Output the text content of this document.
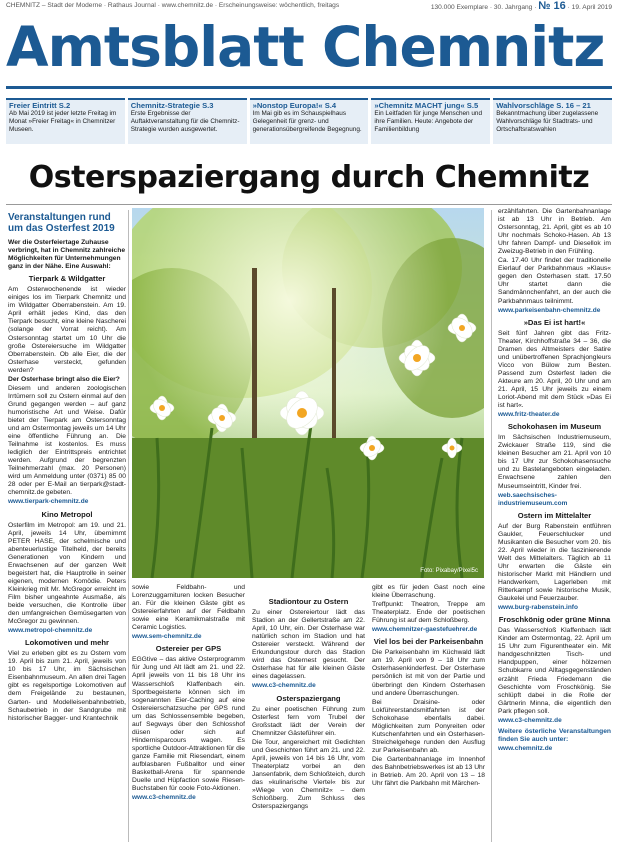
CHEMNITZ – Stadt der Moderne · Rathaus Journal · www.chemnitz.de · Erscheinungsweise: wöchentlich, freitags	130.000 Exemplare · 30. Jahrgang · № 16 · 19. April 2019
Amtsblatt Chemnitz
Freier Eintritt S.2
Ab Mai 2019 ist jeder letzte Freitag im Monat »Freier Freitag« in Chemnitzer Museen.
Chemnitz-Strategie S.3
Erste Ergebnisse der Auftaktveranstaltung für die Chemnitz-Strategie wurden ausgewertet.
»Nonstop Europa!« S.4
Im Mai gib es im Schauspielhaus Gelegenheit für grenz- und generationsübergreifende Begegnung.
»Chemnitz MACHT jung« S.5
Ein Leitfaden für junge Menschen und ihre Familien. Heute: Angebote der Familienbildung
Wahlvorschläge S. 16 – 21
Bekanntmachung über zugelassene Wahlvorschläge für Stadtrats- und Ortschaftsratswahlen
Osterspaziergang durch Chemnitz
Veranstaltungen rund um das Osterfest 2019

Wer die Osterfeiertage Zuhause verbringt, hat in Chemnitz zahlreiche Möglichkeiten für Unternehmungen ganz in der Nähe. Eine Auswahl:

Tierpark & Wildgatter

Am Osterwochenende ist wieder einiges los im Tierpark Chemnitz und im Wildgatter Oberrabenstein. Am 19. April erhält jedes Kind, das den Tierpark besucht, eine kleine Nascherei (solange der Vorrat reicht). Am Ostersonntag startet um 10 Uhr die große Ostereiersuche im Wildgatter Oberrabenstein. Ob alle Eier, die der Osterhase versteckt, gefunden werden?

Der Osterhase bringt also die Eier?

Diesem und anderen zoologischen Irrtümern soll zu Ostern einmal auf den Grund gegangen werden – auf ganz humoristische Art und Weise. Dafür bietet der Tierpark am Ostersonntag und am Ostermontag jeweils um 14 Uhr eine öffentliche Führung an. Die Teilnahme ist kostenlos. Es muss lediglich der Eintrittspreis entrichtet werden. Aufgrund der begrenzten Teilnehmerzahl (max. 20 Personen) wird um Anmeldung unter (0371) 85 00 28 oder per E-Mail an tierpark@stadt-chemnitz.de gebeten.

www.tierpark-chemnitz.de
Kino Metropol

Osterfilm im Metropol: am 19. und 21. April, jeweils 14 Uhr, übernimmt PETER HASE, der schelmische und abenteuerlustige Titelheld, der bereits Generationen von Kindern und Erwachsenen auf der ganzen Welt begeistert hat, die Hauptrolle in seiner eigenen, modernen Komödie. Peters Kleinkrieg mit Mr. McGregor erreicht im Film bisher ungeahnte Ausmaße, als beide versuchen, die Kontrolle über den umfangreichen Gemüsegarten von McGregor zu gewinnen.

www.metropol-chemnitz.de
Lokomotiven und mehr

Viel zu erleben gibt es zu Ostern vom 19. April bis zum 21. April, jeweils von 10 bis 17 Uhr, im Sächsischen Eisenbahnmuseum. An allen drei Tagen gibt es regelsportige Lokomotiven auf dem Freigelände zu bestaunen, Garten- und Modelleisenbahnbetrieb, Schaubetrieb in der Sandgrube mit historischer Bagger- und Krantechnik

Foto: Pixabay/Pixel5c

erzählfahrten. Die Gartenbahnanlage ist ab 13 Uhr in Betrieb. Am Ostersonntag, 21. April, gibt es ab 10 Uhr nochmals Schoko-Hasen. Ab 13 Uhr fahren Dampf- und Diesellok im Zweizug-Betrieb in den Frühling.

Ca. 17.40 Uhr findet der traditionelle Eierlauf der Parkbahnmaus »Klaus« gegen den Osterhasen statt. 17.50 Uhr startet dann die Sandmännchenfahrt, an der auch die Parkbahnmaus teilnimmt.

www.parkeisenbahn-chemnitz.de
»Das Ei ist hart!«

Seit fünf Jahren gibt das Fritz-Theater, Kirchhoffstraße 34 – 36, die Dramen des Altmeisters der Satire und unübertroffenen Sprachjongleurs Vicco von Bülow zum Besten. Passend zum Osterfest laden die Akteure am 20. April, 20 Uhr und am 21. April, 15 Uhr jeweils zu einem Loriot-Abend mit dem Stück »Das Ei ist hart«.

www.fritz-theater.de
Schokohasen im Museum

Im Sächsischen Industriemuseum, Zwickauer Straße 119, sind die kleinen Besucher am 21. April von 10 bis 17 Uhr zur Schokohasensuche und zu Bastelangeboten eingeladen. Erwachsene zahlen den Museumseintritt, Kinder frei.

web.saechsisches-industriemuseum.com
Ostern im Mittelalter

Auf der Burg Rabenstein entführen Gaukler, Feuerschlucker und Musikanten die Besucher vom 20. bis 22. April wieder in die faszinierende Welt des Mittelalters. Täglich ab 11 Uhr erwarten die Gäste ein historischer Markt mit Händlern und Handwerkern, Lagerleben mit Ritterkampf sowie historische Musik, Gaukelei und Feuerzauber.

www.burg-rabenstein.info
Froschkönig oder grüne Minna

Das Wasserschloß Klaffenbach lädt Kinder am Ostermontag, 22. April um 15 Uhr zum Figurentheater ein. Mit handgeschnitzten Tisch- und Handpuppen, einer hölzernen Schubkarre und Alltagsgegenständen erzählt Frieda Friedemann die Geschichte vom Froschkönig. Sie schlüpft dabei in die Rolle der Gärtnerin Minna, die eigentlich den Park pflegen soll.

www.c3-chemnitz.de

Weitere österliche Veranstaltungen finden Sie auch unter:

www.chemnitz.de

sowie Feldbahn- und Lorenzuggarnituren locken Besucher an. Für die kleinen Gäste gibt es Ostereierfahrten auf der Feldbahn sowie eine Keramikmalstraße mit Ceramic Logistics.

www.sem-chemnitz.de
Ostereier per GPS

EGGtive – das aktive Osterprogramm für Jung und Alt lädt am 21. und 22. April jeweils von 11 bis 18 Uhr ins Wasserschloß Klaffenbach ein. Sportbegeisterte können sich im sogenannten Eier-Caching auf eine Ostereierschatzsuche per GPS rund um das Schlossensemble begeben, auf Segways über den Schlosshof düsen oder sich auf Hindernisparcours wagen. Es sportliche Outdoor-Attraktionen für die ganze Familie mit Riesendart, einem aufblasbaren Fußballtor und einer Basketball-Arena für spannende Duelle und Hüpfaction sowie Riesen-Buchstaben für coole Foto-Aktionen.

www.c3-chemnitz.de
Stadiontour zu Ostern

Zu einer Ostereiertour lädt das Stadion an der Gellertstraße am 22. April, 10 Uhr, ein. Der Osterhase war natürlich schon im Stadion und hat Ostereier versteckt. Während der Erkundungstour durch das Stadion wird das Osternest gesucht. Der Osterhase hat für alle kleinen Gäste eines dagelassen.

www.c3-chemnitz.de
Osterspaziergang

Zu einer poetischen Führung zum Osterfest fern vom Trubel der Großstadt lädt der Verein der Chemnitzer Gästeführer ein.

Die Tour, angereichert mit Gedichten und Geschichten führt am 21. und 22. April, jeweils von 14 bis 16 Uhr, vom Theaterplatz vorbei an den Jansenfabrik, dem Schloßteich, durch das »kulinarische Viertel« bis zur »Wiege von Chemnitz« – dem Schloßberg. Zum Schluss des Osterspaziergangs

gibt es für jeden Gast noch eine kleine Überraschung.

Treffpunkt: Theatron, Treppe am Theaterplatz. Ende der poetischen Führung ist auf dem Schloßberg.

www.chemnitzer-gaestefuehrer.de
Viel los bei der Parkeisenbahn

Die Parkeisenbahn im Küchwald lädt am 19. April von 9 – 18 Uhr zum Osterhasenkinderfest. Der Osterhase persönlich ist mit von der Partie und überbringt den Kindern Osterhasen und andere Überraschungen.

Bei Draisine- oder Lokführerstandsmitfahrten ist der Schokohase ebenfalls dabei. Möglichkeiten zum Ponyreiten oder Kutschenfahrten und ein Osterhasen-Streichelgehege runden den Ausflug zur Parkeisenbahn ab.

Die Gartenbahnanlage im Innenhof des Bahnbetriebswerkes ist ab 13 Uhr in Betrieb. Am 20. April von 13 – 18 Uhr fährt die Parkbahn mit Märchen-
